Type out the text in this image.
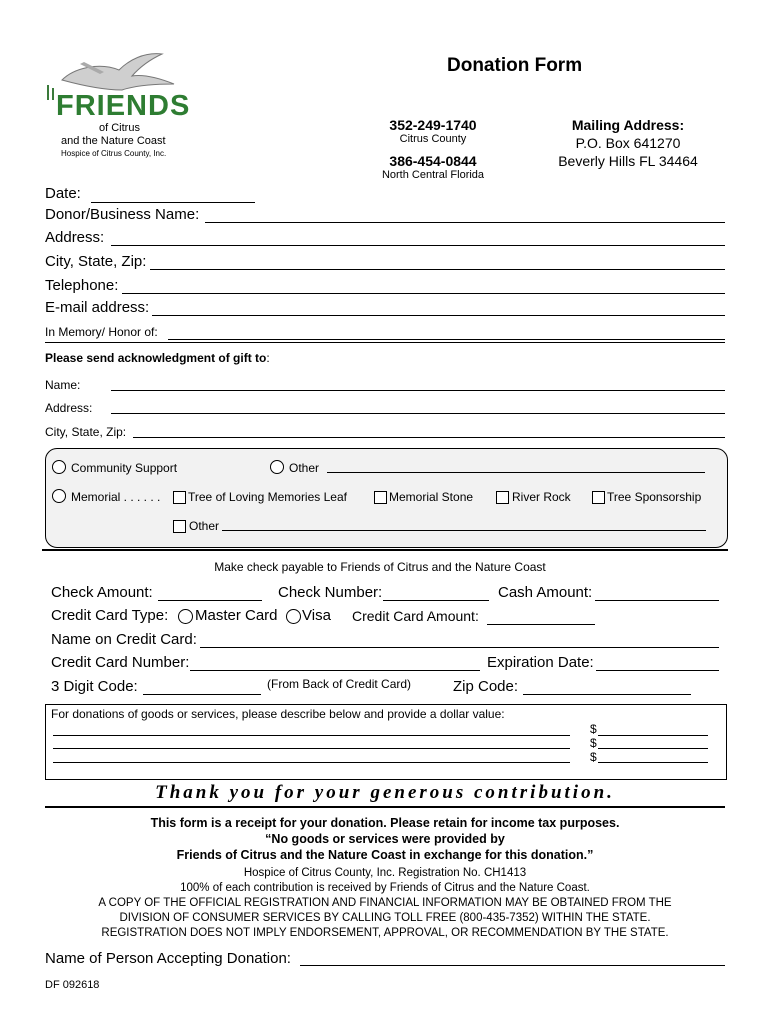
FRIENDS
of Citrus
and the Nature Coast
Hospice of Citrus County, Inc.
Donation Form
352-249-1740
Citrus County
386-454-0844
North Central Florida
Mailing Address:
P.O. Box 641270
Beverly Hills FL 34464
Date:
Donor/Business Name:
Address:
City, State, Zip:
Telephone:
E-mail address:
In Memory/ Honor of:
Please send acknowledgment of gift to:
Name:
Address:
City, State, Zip:
Community Support	Other
Memorial . . . . . . Tree of Loving Memories Leaf	Memorial Stone	River Rock	Tree Sponsorship
Other
Make check payable to Friends of Citrus and the Nature Coast
Check Amount:	Check Number:	Cash Amount:
Credit Card Type: Master Card Visa Credit Card Amount:
Name on Credit Card:
Credit Card Number:	Expiration Date:
3 Digit Code:	(From Back of Credit Card)	Zip Code:
For donations of goods or services, please describe below and provide a dollar value:
$
$
$
Thank you for your generous contribution.
This form is a receipt for your donation. Please retain for income tax purposes.
“No goods or services were provided by
Friends of Citrus and the Nature Coast in exchange for this donation.”
Hospice of Citrus County, Inc. Registration No. CH1413
100% of each contribution is received by Friends of Citrus and the Nature Coast.
A COPY OF THE OFFICIAL REGISTRATION AND FINANCIAL INFORMATION MAY BE OBTAINED FROM THE
DIVISION OF CONSUMER SERVICES BY CALLING TOLL FREE (800-435-7352) WITHIN THE STATE.
REGISTRATION DOES NOT IMPLY ENDORSEMENT, APPROVAL, OR RECOMMENDATION BY THE STATE.
Name of Person Accepting Donation:
DF 092618
